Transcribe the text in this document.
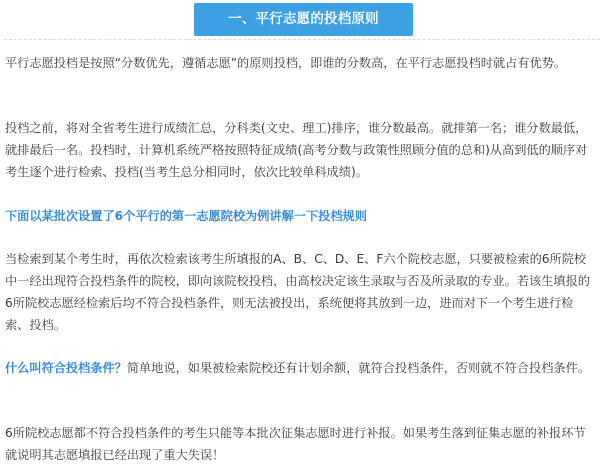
一、平行志愿的投档原则

平行志愿投档是按照“分数优先，遵循志愿”的原则投档，即谁的分数高，在平行志愿投档时就占有优势。

投档之前，将对全省考生进行成绩汇总，分科类(文史、理工)排序，谁分数最高。就排第一名；谁分数最低，就排最后一名。投档时，计算机系统严格按照特征成绩(高考分数与政策性照顾分值的总和)从高到低的顺序对考生逐个进行检索、投档(当考生总分相同时，依次比较单科成绩)。

下面以某批次设置了6个平行的第一志愿院校为例讲解一下投档规则

当检索到某个考生时，再依次检索该考生所填报的A、B、C、D、E、F六个院校志愿，只要被检索的6所院校中一经出现符合投档条件的院校，即向该院校投档，由高校决定该生录取与否及所录取的专业。若该生填报的6所院校志愿经检索后均不符合投档条件，则无法被投出，系统便将其放到一边，进而对下一个考生进行检索、投档。

什么叫符合投档条件？简单地说，如果被检索院校还有计划余额，就符合投档条件，否则就不符合投档条件。

6所院校志愿都不符合投档条件的考生只能等本批次征集志愿时进行补报。如果考生落到征集志愿的补报环节就说明其志愿填报已经出现了重大失误！
